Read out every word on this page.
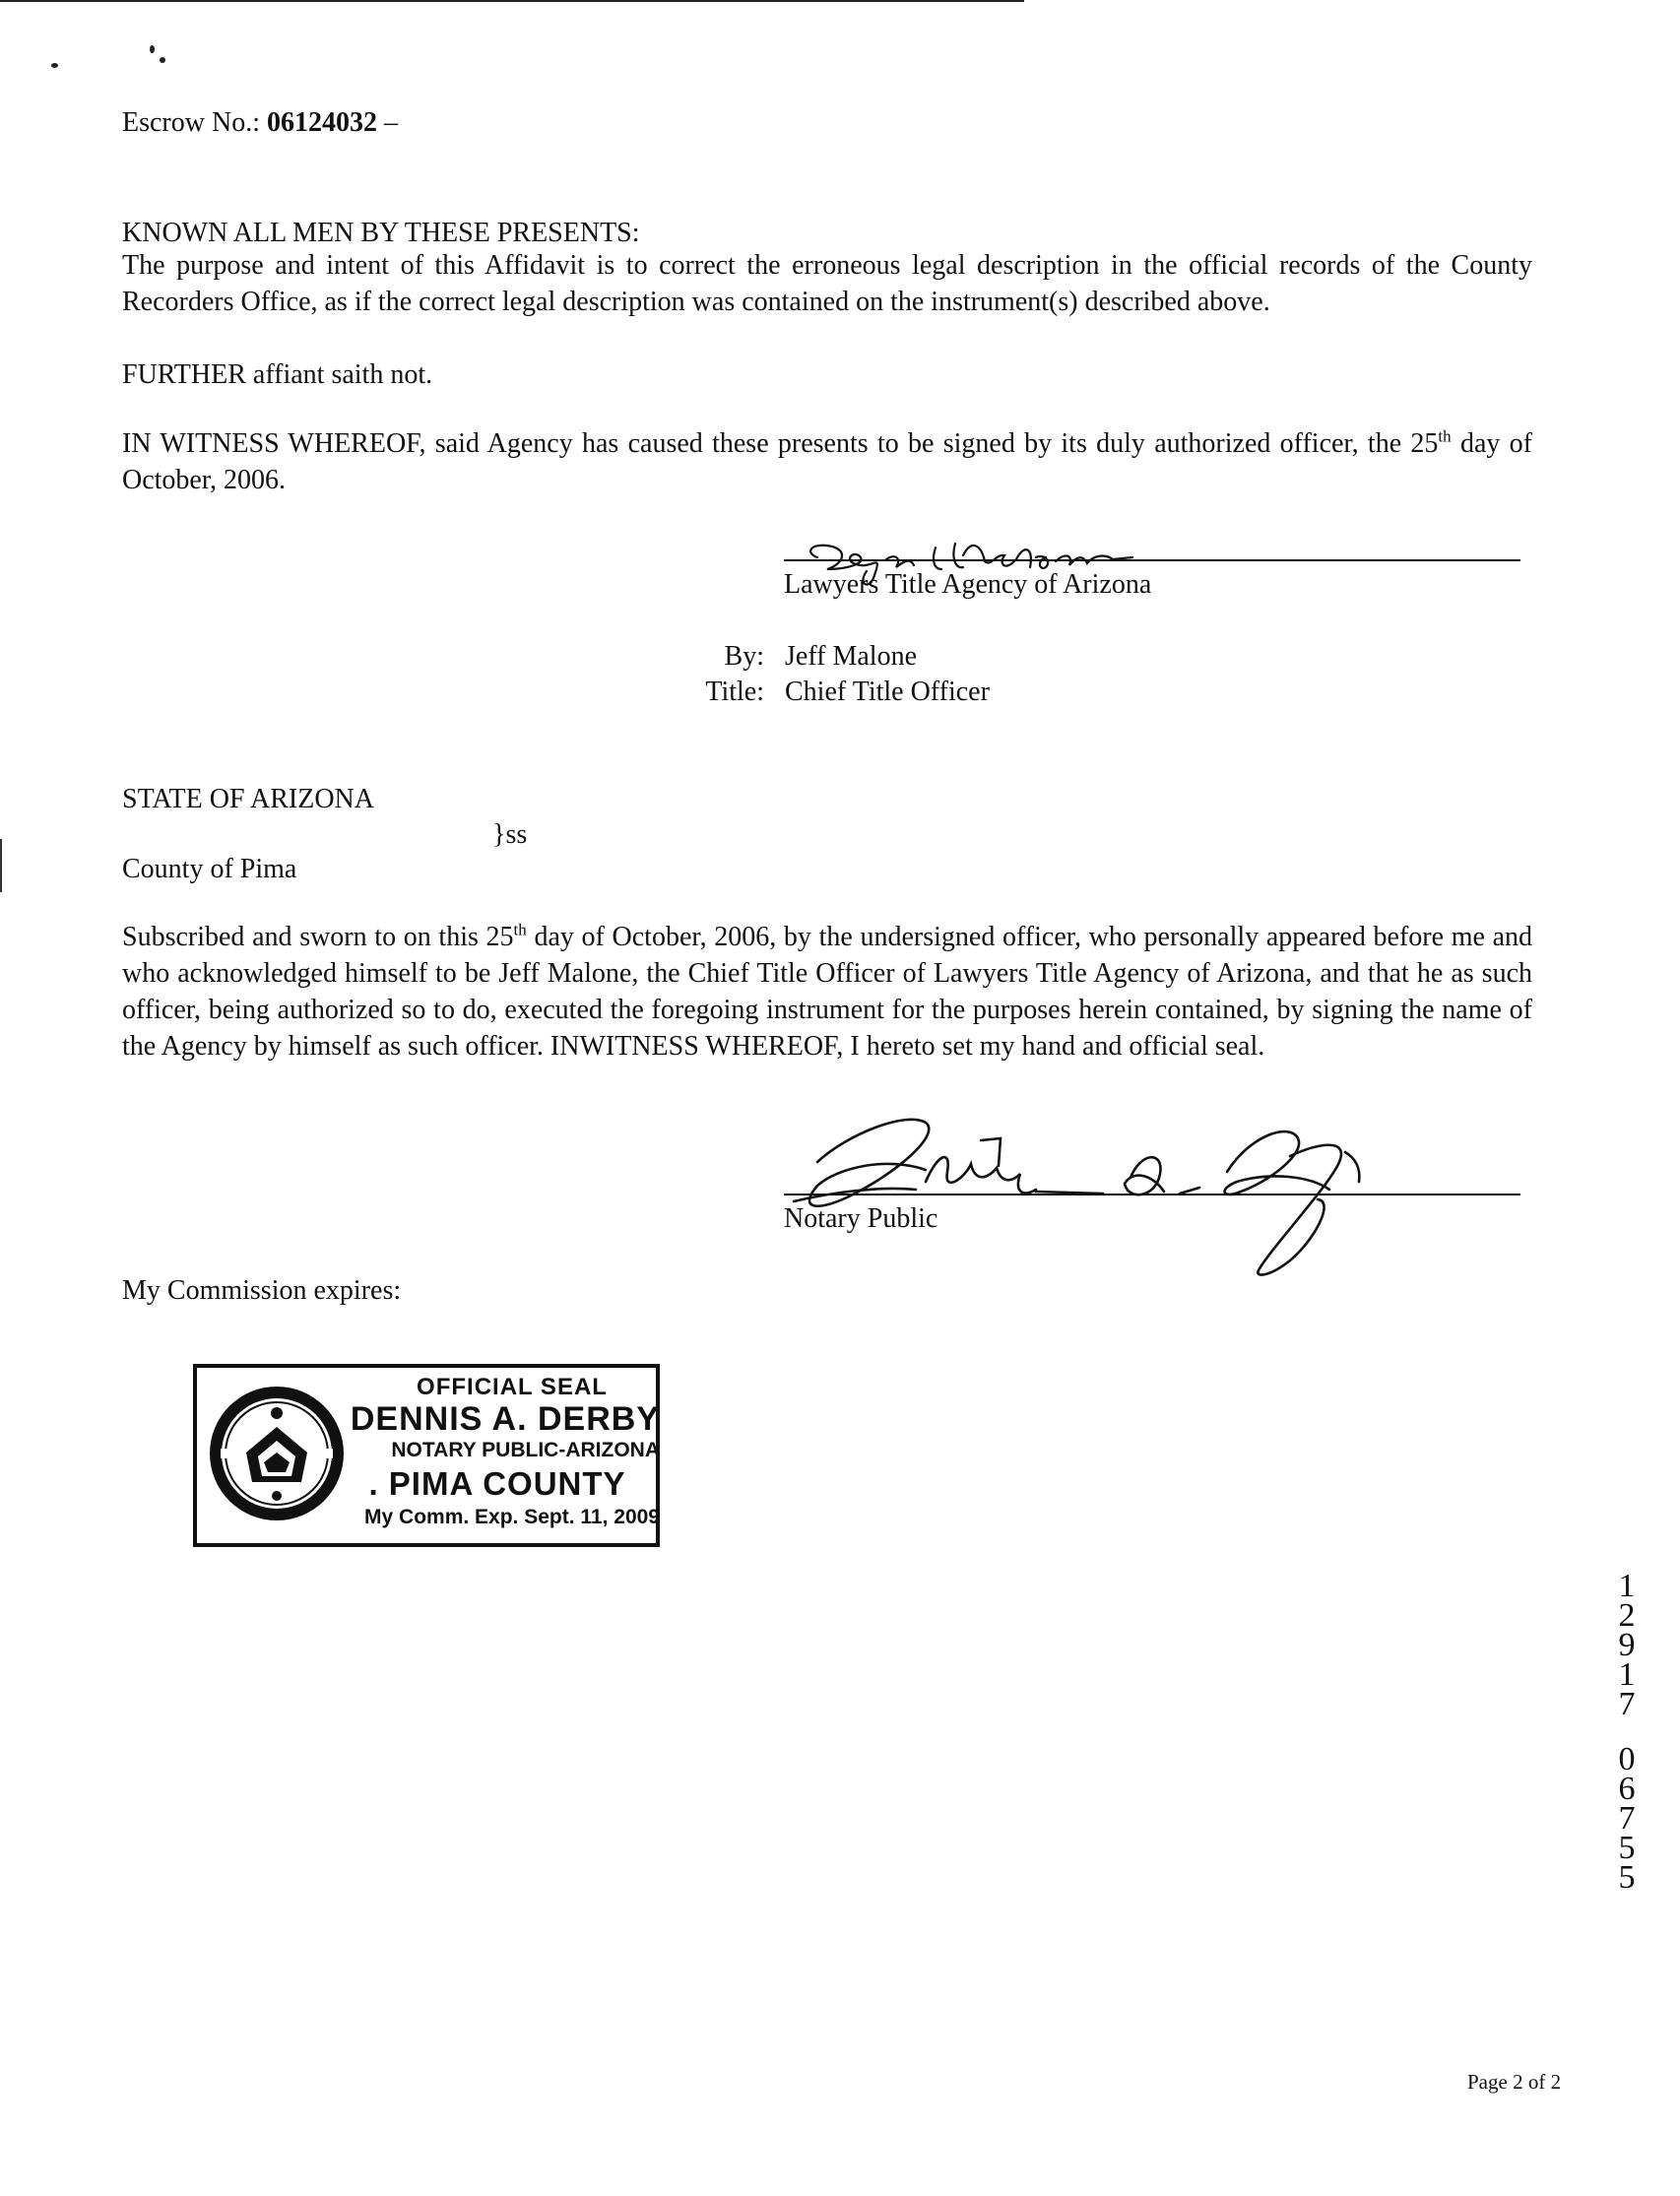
Escrow No.: 06124032 –

KNOWN ALL MEN BY THESE PRESENTS:

The purpose and intent of this Affidavit is to correct the erroneous legal description in the official records of the County Recorders Office, as if the correct legal description was contained on the instrument(s) described above.

FURTHER affiant saith not.

IN WITNESS WHEREOF, said Agency has caused these presents to be signed by its duly authorized officer, the 25th day of October, 2006.

Lawyers Title Agency of Arizona

By: Jeff Malone

Title: Chief Title Officer

STATE OF ARIZONA

}ss

County of Pima

Subscribed and sworn to on this 25th day of October, 2006, by the undersigned officer, who personally appeared before me and who acknowledged himself to be Jeff Malone, the Chief Title Officer of Lawyers Title Agency of Arizona, and that he as such officer, being authorized so to do, executed the foregoing instrument for the purposes herein contained, by signing the name of the Agency by himself as such officer. INWITNESS WHEREOF, I hereto set my hand and official seal.

Notary Public

My Commission expires:

OFFICIAL SEAL
DENNIS A. DERBY
NOTARY PUBLIC-ARIZONA
. PIMA COUNTY
My Comm. Exp. Sept. 11, 2009
1
2
9
1
7
0
6
7
5
5

Page 2 of 2
